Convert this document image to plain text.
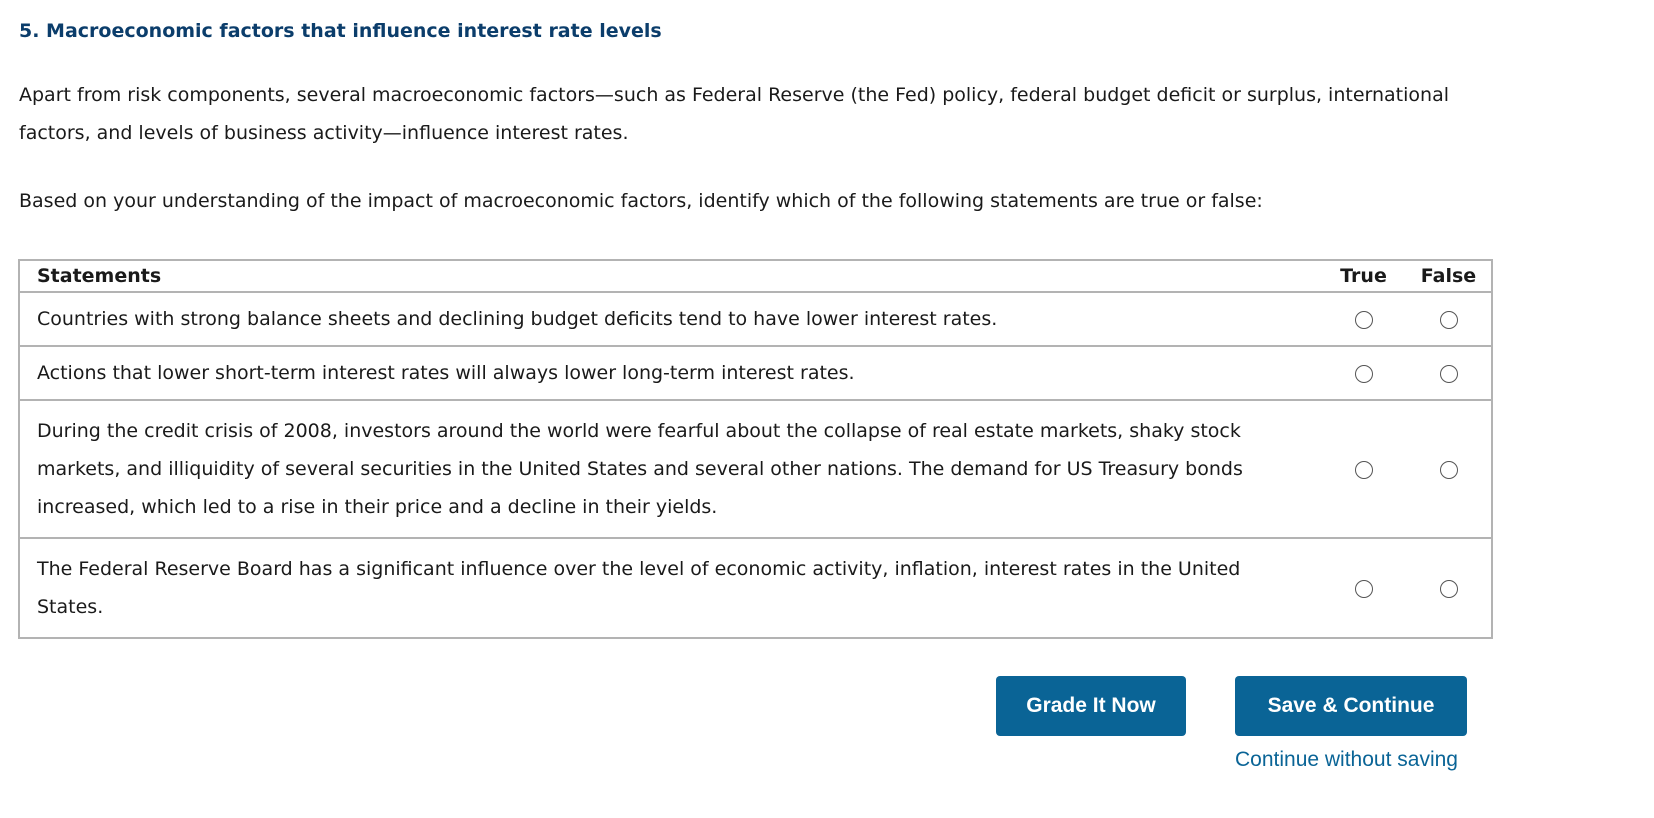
5. Macroeconomic factors that influence interest rate levels

Apart from risk components, several macroeconomic factors—such as Federal Reserve (the Fed) policy, federal budget deficit or surplus, international factors, and levels of business activity—influence interest rates.

Based on your understanding of the impact of macroeconomic factors, identify which of the following statements are true or false:

Statements	True	False
Countries with strong balance sheets and declining budget deficits tend to have lower interest rates.		
Actions that lower short-term interest rates will always lower long-term interest rates.		
During the credit crisis of 2008, investors around the world were fearful about the collapse of real estate markets, shaky stock markets, and illiquidity of several securities in the United States and several other nations. The demand for US Treasury bonds increased, which led to a rise in their price and a decline in their yields.		
The Federal Reserve Board has a significant influence over the level of economic activity, inflation, interest rates in the United States.		
Grade It Now	Save & Continue
Continue without saving
